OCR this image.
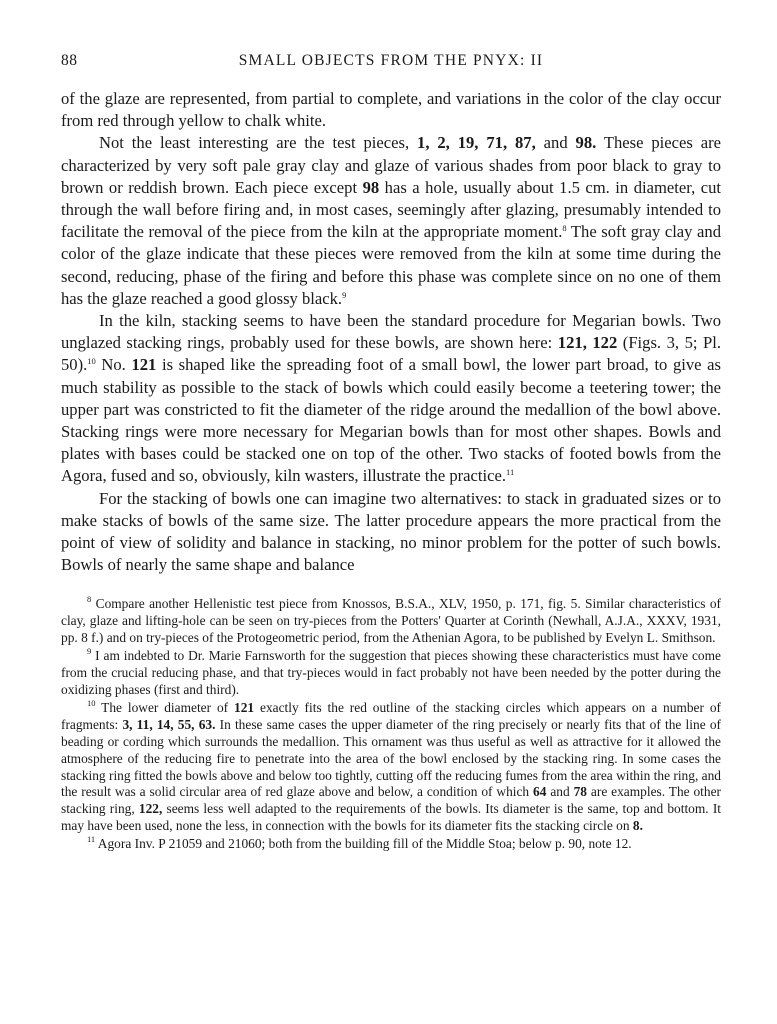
88	SMALL OBJECTS FROM THE PNYX: II

of the glaze are represented, from partial to complete, and variations in the color of the clay occur from red through yellow to chalk white.

Not the least interesting are the test pieces, 1, 2, 19, 71, 87, and 98. These pieces are characterized by very soft pale gray clay and glaze of various shades from poor black to gray to brown or reddish brown. Each piece except 98 has a hole, usually about 1.5 cm. in diameter, cut through the wall before firing and, in most cases, seemingly after glazing, presumably intended to facilitate the removal of the piece from the kiln at the appropriate moment.$^8$ The soft gray clay and color of the glaze indicate that these pieces were removed from the kiln at some time during the second, reducing, phase of the firing and before this phase was complete since on no one of them has the glaze reached a good glossy black.$^9$

In the kiln, stacking seems to have been the standard procedure for Megarian bowls. Two unglazed stacking rings, probably used for these bowls, are shown here: 121, 122 (Figs. 3, 5; Pl. 50).$^{10}$ No. 121 is shaped like the spreading foot of a small bowl, the lower part broad, to give as much stability as possible to the stack of bowls which could easily become a teetering tower; the upper part was constricted to fit the diameter of the ridge around the medallion of the bowl above. Stacking rings were more necessary for Megarian bowls than for most other shapes. Bowls and plates with bases could be stacked one on top of the other. Two stacks of footed bowls from the Agora, fused and so, obviously, kiln wasters, illustrate the practice.$^{11}$

For the stacking of bowls one can imagine two alternatives: to stack in graduated sizes or to make stacks of bowls of the same size. The latter procedure appears the more practical from the point of view of solidity and balance in stacking, no minor problem for the potter of such bowls. Bowls of nearly the same shape and balance

$^8$ Compare another Hellenistic test piece from Knossos, B.S.A., XLV, 1950, p. 171, fig. 5. Similar characteristics of clay, glaze and lifting-hole can be seen on try-pieces from the Potters' Quarter at Corinth (Newhall, A.J.A., XXXV, 1931, pp. 8 f.) and on try-pieces of the Protogeometric period, from the Athenian Agora, to be published by Evelyn L. Smithson.

$^9$ I am indebted to Dr. Marie Farnsworth for the suggestion that pieces showing these characteristics must have come from the crucial reducing phase, and that try-pieces would in fact probably not have been needed by the potter during the oxidizing phases (first and third).

$^{10}$ The lower diameter of 121 exactly fits the red outline of the stacking circles which appears on a number of fragments: 3, 11, 14, 55, 63. In these same cases the upper diameter of the ring precisely or nearly fits that of the line of beading or cording which surrounds the medallion. This ornament was thus useful as well as attractive for it allowed the atmosphere of the reducing fire to penetrate into the area of the bowl enclosed by the stacking ring. In some cases the stacking ring fitted the bowls above and below too tightly, cutting off the reducing fumes from the area within the ring, and the result was a solid circular area of red glaze above and below, a condition of which 64 and 78 are examples. The other stacking ring, 122, seems less well adapted to the requirements of the bowls. Its diameter is the same, top and bottom. It may have been used, none the less, in connection with the bowls for its diameter fits the stacking circle on 8.

$^{11}$ Agora Inv. P 21059 and 21060; both from the building fill of the Middle Stoa; below p. 90, note 12.
